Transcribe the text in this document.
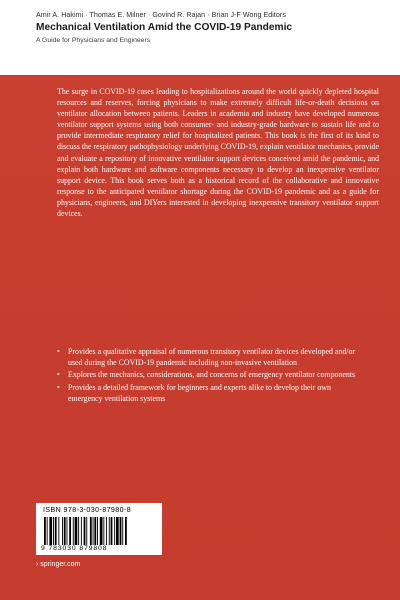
Amir A. Hakimi · Thomas E. Milner · Govind R. Rajan · Brian J-F Wong Editors
Mechanical Ventilation Amid the COVID-19 Pandemic
A Guide for Physicians and Engineers

The surge in COVID-19 cases leading to hospitalizations around the world quickly depleted hospital resources and reserves, forcing physicians to make extremely difficult life-or-death decisions on ventilator allocation between patients. Leaders in academia and industry have developed numerous ventilator support systems using both consumer- and industry-grade hardware to sustain life and to provide intermediate respiratory relief for hospitalized patients. This book is the first of its kind to discuss the respiratory pathophysiology underlying COVID-19, explain ventilator mechanics, provide and evaluate a repository of innovative ventilator support devices conceived amid the pandemic, and explain both hardware and software components necessary to develop an inexpensive ventilator support device. This book serves both as a historical record of the collaborative and innovative response to the anticipated ventilator shortage during the COVID-19 pandemic and as a guide for physicians, engineers, and DIYers interested in developing inexpensive transitory ventilator support devices.

• Provides a qualitative appraisal of numerous transitory ventilator devices developed and/or used during the COVID-19 pandemic including non-invasive ventilation
• Explores the mechanics, considerations, and concerns of emergency ventilator components
• Provides a detailed framework for beginners and experts alike to develop their own emergency ventilation systems
ISBN 978-3-030-87980-8
9 783030 879808
› springer.com
